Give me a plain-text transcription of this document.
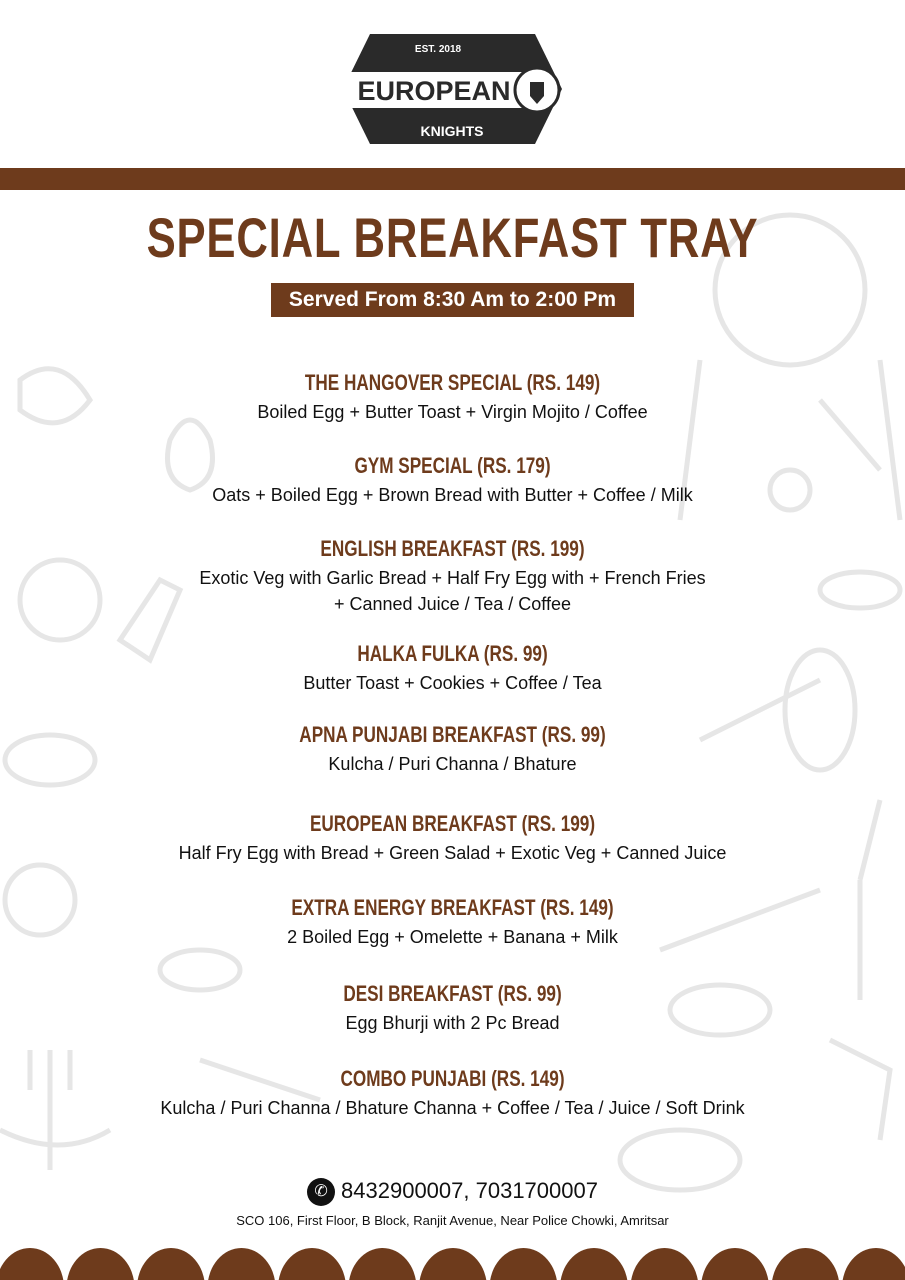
EST. 2018
EUROPEAN
KNIGHTS
SPECIAL BREAKFAST TRAY
Served From 8:30 Am to 2:00 Pm
THE HANGOVER SPECIAL (RS. 149)
Boiled Egg + Butter Toast + Virgin Mojito / Coffee
GYM SPECIAL (RS. 179)
Oats + Boiled Egg + Brown Bread with Butter + Coffee / Milk
ENGLISH BREAKFAST (RS. 199)
Exotic Veg with Garlic Bread + Half Fry Egg with + French Fries
+ Canned Juice / Tea / Coffee
HALKA FULKA (RS. 99)
Butter Toast + Cookies + Coffee / Tea
APNA PUNJABI BREAKFAST (RS. 99)
Kulcha / Puri Channa / Bhature
EUROPEAN BREAKFAST (RS. 199)
Half Fry Egg with Bread + Green Salad + Exotic Veg + Canned Juice
EXTRA ENERGY BREAKFAST (RS. 149)
2 Boiled Egg + Omelette + Banana + Milk
DESI BREAKFAST (RS. 99)
Egg Bhurji with 2 Pc Bread
COMBO PUNJABI (RS. 149)
Kulcha / Puri Channa / Bhature Channa + Coffee / Tea / Juice / Soft Drink
✆ 8432900007, 7031700007
SCO 106, First Floor, B Block, Ranjit Avenue, Near Police Chowki, Amritsar
